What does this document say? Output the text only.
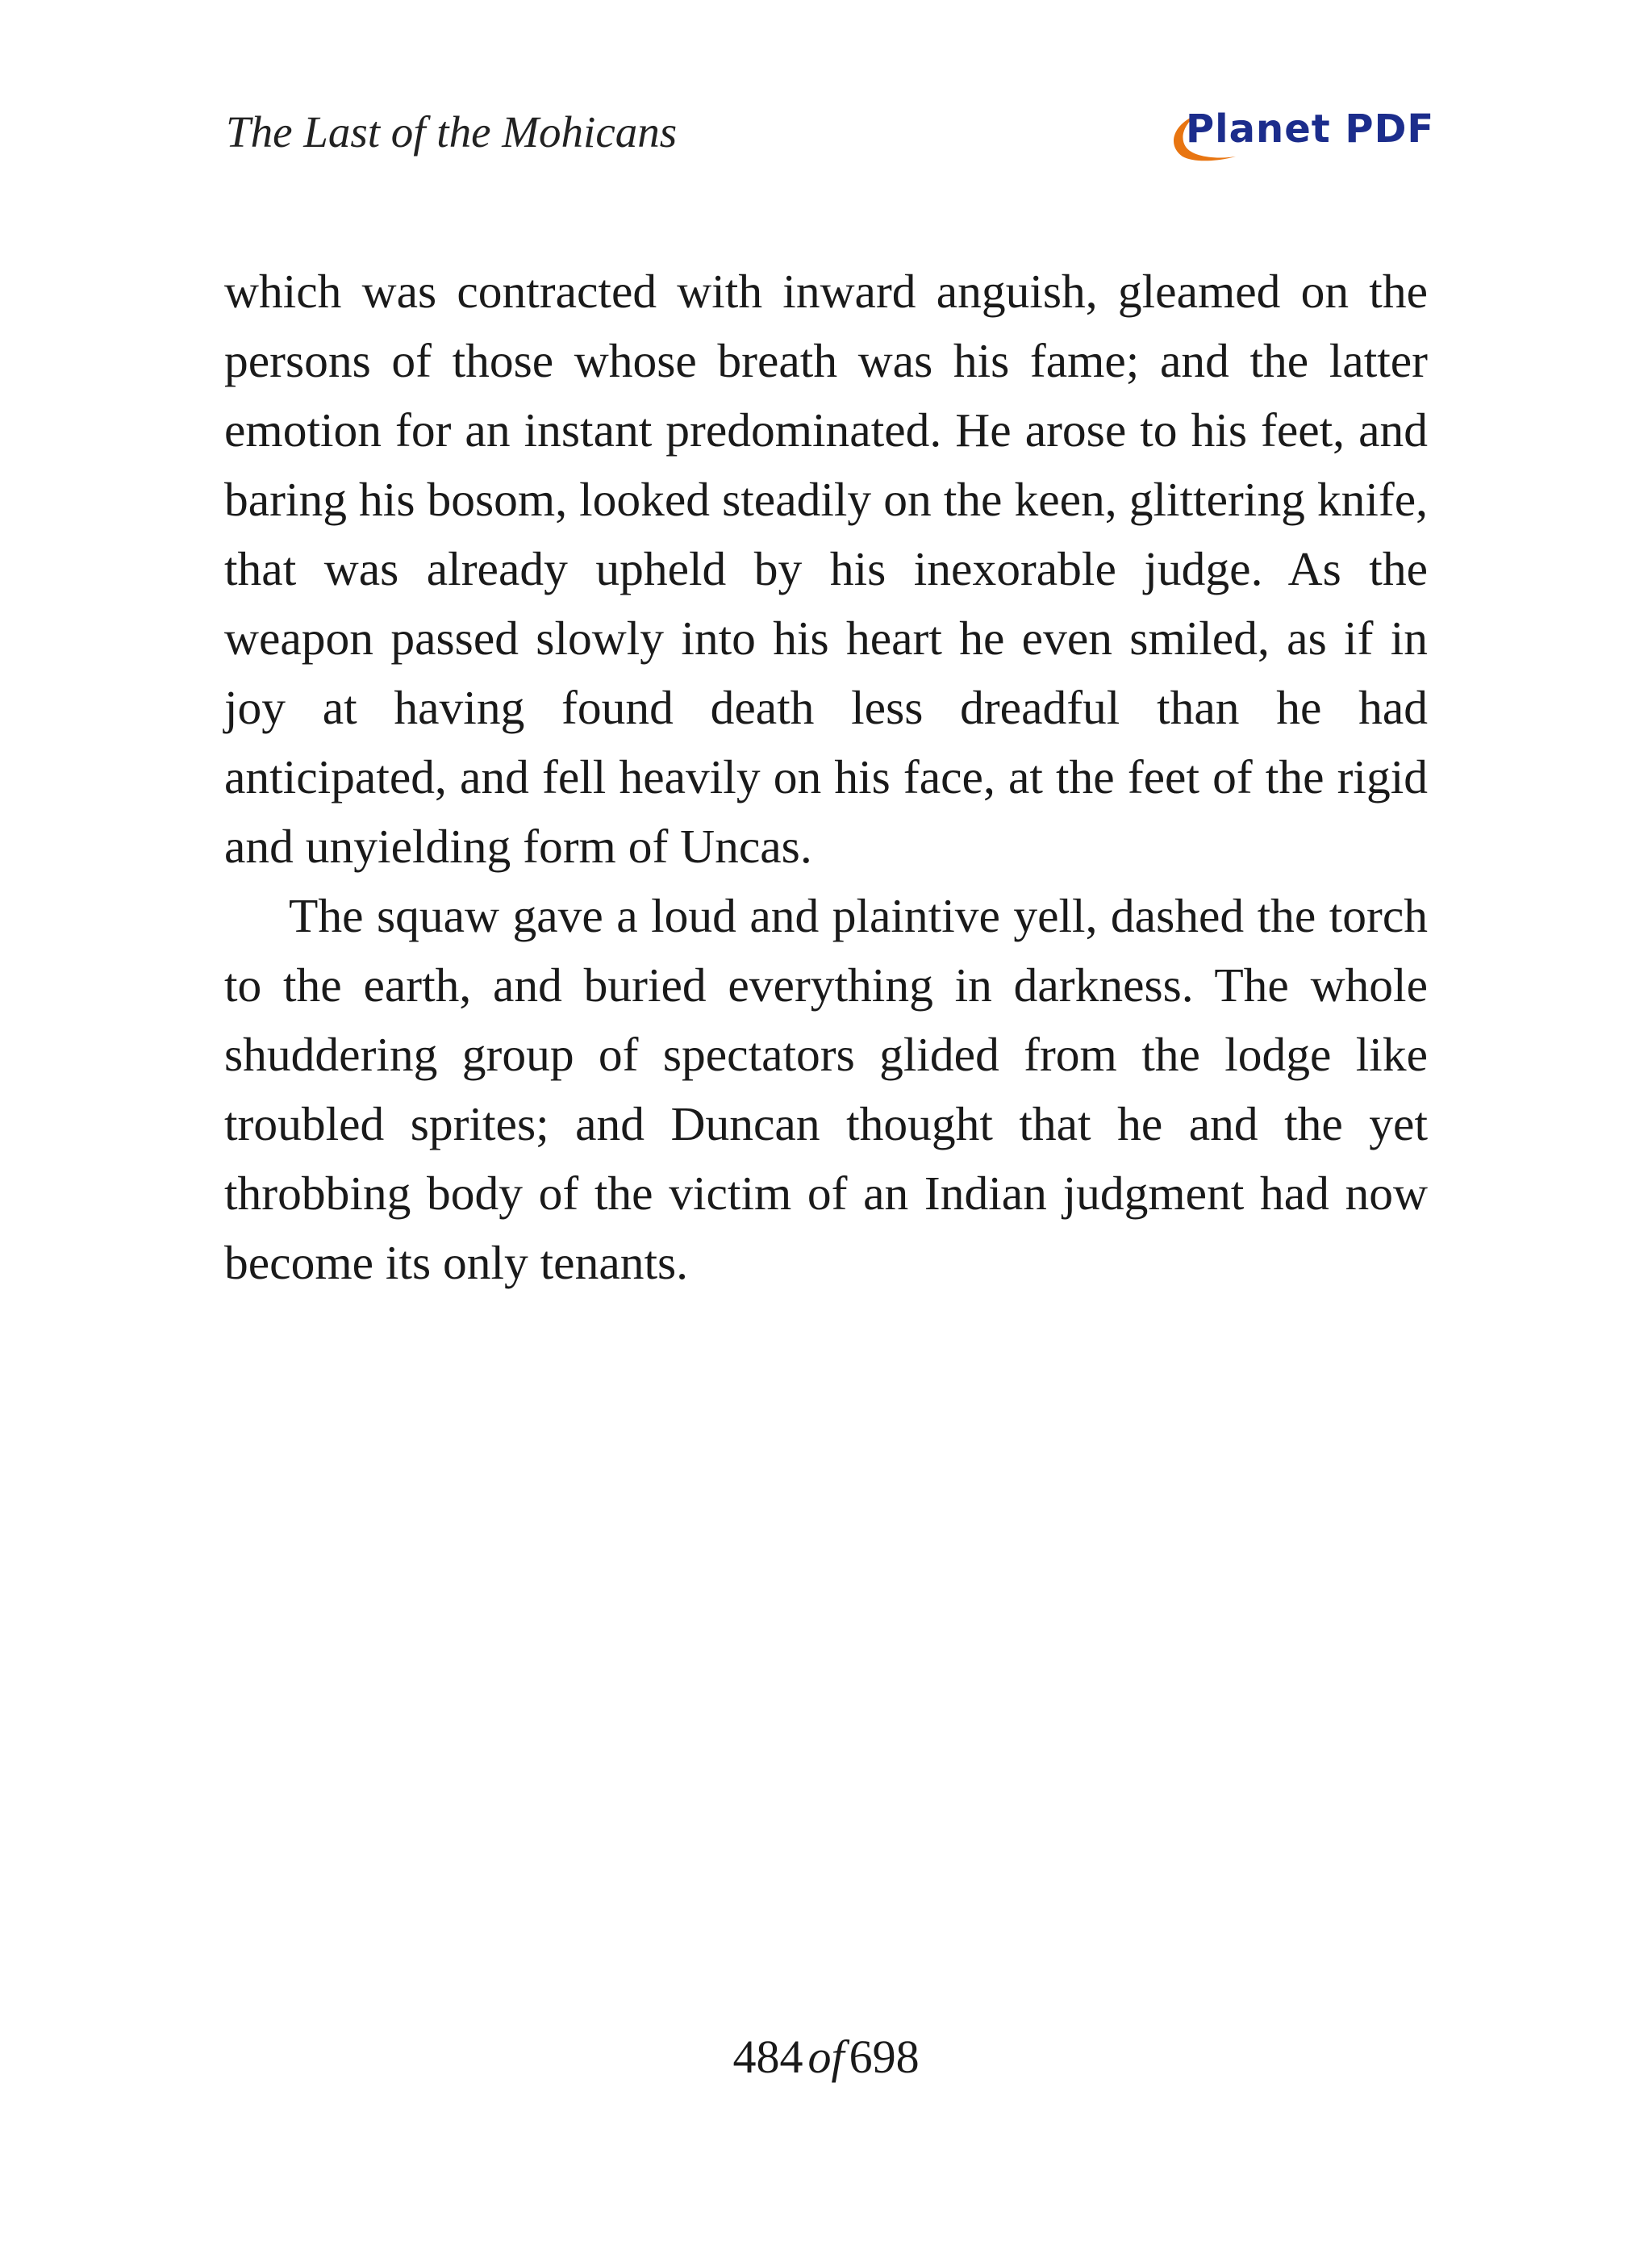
The Last of the Mohicans	Planet PDF

which was contracted with inward anguish, gleamed on the persons of those whose breath was his fame; and the latter emotion for an instant predominated. He arose to his feet, and baring his bosom, looked steadily on the keen, glittering knife, that was already upheld by his inexorable judge. As the weapon passed slowly into his heart he even smiled, as if in joy at having found death less dreadful than he had anticipated, and fell heavily on his face, at the feet of the rigid and unyielding form of Uncas.

The squaw gave a loud and plaintive yell, dashed the torch to the earth, and buried everything in darkness. The whole shuddering group of spectators glided from the lodge like troubled sprites; and Duncan thought that he and the yet throbbing body of the victim of an Indian judgment had now become its only tenants.

484 of 698
